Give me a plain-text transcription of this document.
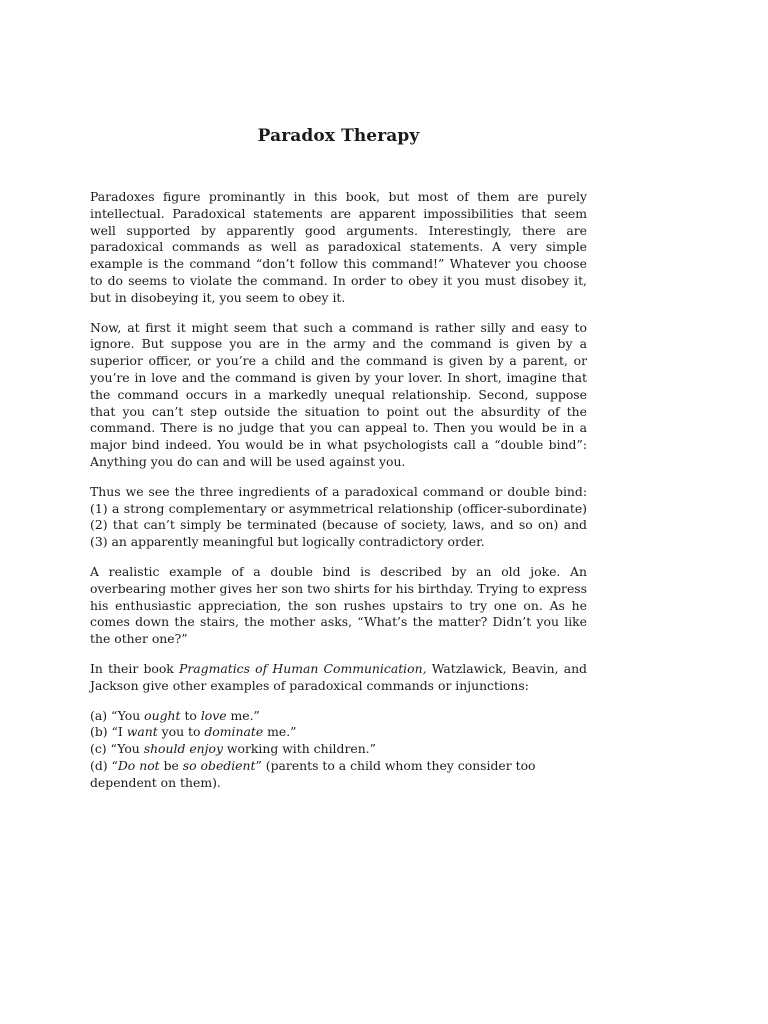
Paradox Therapy

Paradoxes figure prominantly in this book, but most of them are purely intellectual. Paradoxical statements are apparent impossibilities that seem well supported by apparently good arguments. Interestingly, there are paradoxical commands as well as paradoxical statements. A very simple example is the command “don’t follow this command!” Whatever you choose to do seems to violate the command. In order to obey it you must disobey it, but in disobeying it, you seem to obey it.

Now, at first it might seem that such a command is rather silly and easy to ignore. But suppose you are in the army and the command is given by a superior officer, or you’re a child and the command is given by a parent, or you’re in love and the command is given by your lover. In short, imagine that the command occurs in a markedly unequal relationship. Second, suppose that you can’t step outside the situation to point out the absurdity of the command. There is no judge that you can appeal to. Then you would be in a major bind indeed. You would be in what psychologists call a “double bind”: Anything you do can and will be used against you.

Thus we see the three ingredients of a paradoxical command or double bind: (1) a strong complementary or asymmetrical relationship (officer-subordinate) (2) that can’t simply be terminated (because of society, laws, and so on) and (3) an apparently meaningful but logically contradictory order.

A realistic example of a double bind is described by an old joke. An overbearing mother gives her son two shirts for his birthday. Trying to express his enthusiastic appreciation, the son rushes upstairs to try one on. As he comes down the stairs, the mother asks, “What’s the matter? Didn’t you like the other one?”

In their book Pragmatics of Human Communication, Watzlawick, Beavin, and Jackson give other examples of paradoxical commands or injunctions:

(a) “You ought to love me.”
(b) “I want you to dominate me.”
(c) “You should enjoy working with children.”
(d) “Do not be so obedient” (parents to a child whom they consider too dependent on them).
